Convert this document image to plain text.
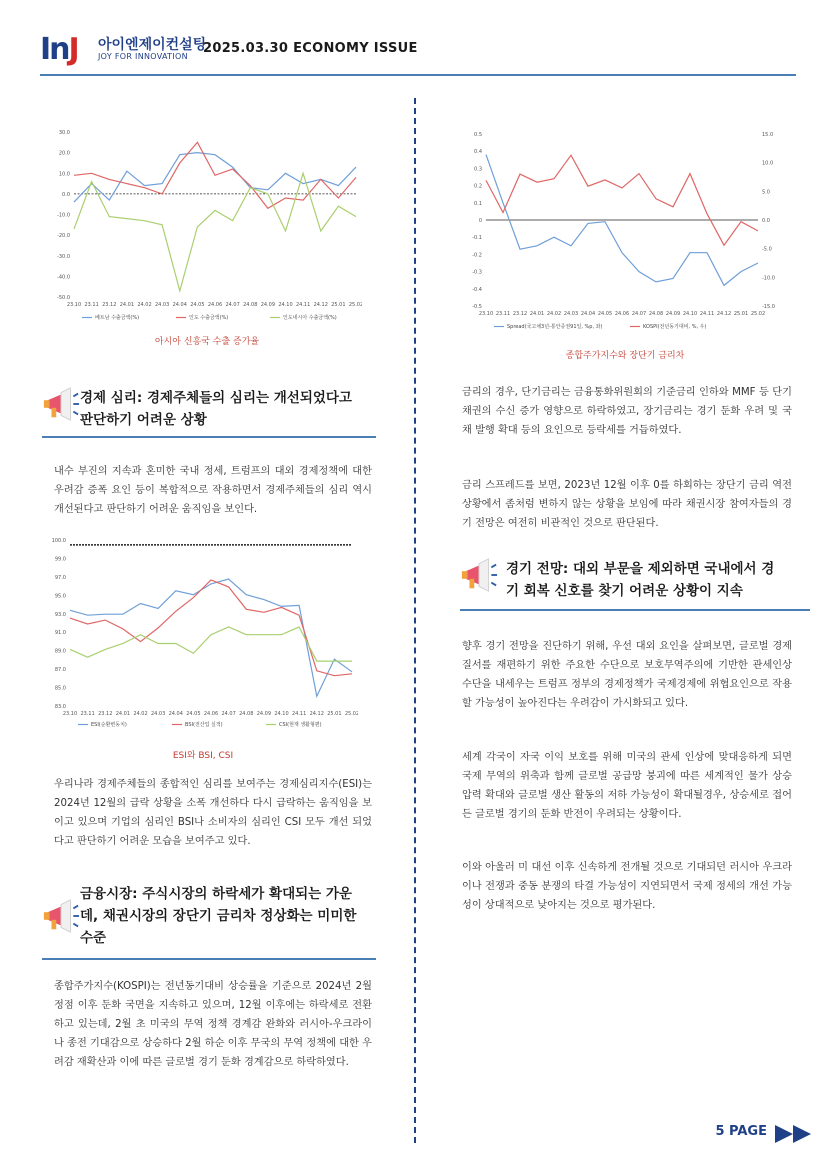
InJ 아이엔제이컨설팅
JOY FOR INNOVATION
2025.03.30 ECONOMY ISSUE
30.0
20.0
10.0
0.0
-10.0
-20.0
-30.0
-40.0
-50.0
23.10 23.11 23.12 24.01 24.02 24.03 24.04 24.05 24.06 24.07 24.08 24.09 24.10 24.11 24.12 25.01 25.02
베트남 수출금액(%)	인도 수출금액(%)	인도네시아 수출금액(%)
아시아 신흥국 수출 증가율
경제 심리: 경제주체들의 심리는 개선되었다고
판단하기 어려운 상황
내수 부진의 지속과 혼미한 국내 정세, 트럼프의 대외 경제정책에 대한 우려감 증폭 요인 등이 복합적으로 작용하면서 경제주체들의 심리 역시 개선된다고 판단하기 어려운 움직임을 보인다.
100.0
99.0
97.0
95.0
93.0
91.0
89.0
87.0
85.0
83.0
23.10 23.11 23.12 24.01 24.02 24.03 24.04 24.05 24.06 24.07 24.08 24.09 24.10 24.11 24.12 25.01 25.02
ESI(순환변동치)	BSI(전산업 실적)	CSI(현재 생활형편)
ESI와 BSI, CSI
우리나라 경제주체들의 종합적인 심리를 보여주는 경제심리지수(ESI)는 2024년 12월의 급락 상황을 소폭 개선하다 다시 급락하는 움직임을 보이고 있으며 기업의 심리인 BSI나 소비자의 심리인 CSI 모두 개선 되었다고 판단하기 어려운 모습을 보여주고 있다.
금융시장: 주식시장의 하락세가 확대되는 가운
데, 채권시장의 장단기 금리차 정상화는 미미한
수준
종합주가지수(KOSPI)는 전년동기대비 상승률을 기준으로 2024년 2월 정점 이후 둔화 국면을 지속하고 있으며, 12월 이후에는 하락세로 전환하고 있는데, 2월 초 미국의 무역 정책 경계감 완화와 러시아-우크라이나 종전 기대감으로 상승하다 2월 하순 이후 무국의 무역 정책에 대한 우려감 재확산과 이에 따른 글로벌 경기 둔화 경계감으로 하락하였다.
0.5
0.4
0.3
0.2
0.1
0
-0.1
-0.2
-0.3
-0.4
-0.5
15.0
10.0
5.0
0.0
-5.0
-10.0
-15.0
23.10 23.11 23.12 24.01 24.02 24.03 24.04 24.05 24.06 24.07 24.08 24.09 24.10 24.11 24.12 25.01 25.02
Spread(국고채3년-통안증권91일, %p, 좌)	KOSPI(전년동기대비, %, 우)
종합주가지수와 장단기 금리차
금리의 경우, 단기금리는 금융통화위원회의 기준금리 인하와 MMF 등 단기채권의 수신 증가 영향으로 하락하였고, 장기금리는 경기 둔화 우려 및 국채 발행 확대 등의 요인으로 등락세를 거듭하였다.
금리 스프레드를 보면, 2023년 12월 이후 0를 하회하는 장단기 금리 역전 상황에서 좀처럼 변하지 않는 상황을 보임에 따라 채권시장 참여자들의 경기 전망은 여전히 비관적인 것으로 판단된다.
경기 전망: 대외 부문을 제외하면 국내에서 경
기 회복 신호를 찾기 어려운 상황이 지속
향후 경기 전망을 진단하기 위해, 우선 대외 요인을 살펴보면, 글로벌 경제질서를 재편하기 위한 주요한 수단으로 보호무역주의에 기반한 관세인상 수단을 내세우는 트럼프 정부의 경제정책가 국제경제에 위협요인으로 작용할 가능성이 높아진다는 우려감이 가시화되고 있다.
세계 각국이 자국 이익 보호를 위해 미국의 관세 인상에 맞대응하게 되면 국제 무역의 위축과 함께 글로벌 공급망 붕괴에 따른 세계적인 물가 상승 압력 확대와 글로벌 생산 활동의 저하 가능성이 확대될경우, 상승세로 접어든 글로벌 경기의 둔화 반전이 우려되는 상황이다.
이와 아울러 미 대선 이후 신속하게 전개될 것으로 기대되던 러시아 우크라이나 전쟁과 중동 분쟁의 타결 가능성이 지연되면서 국제 정세의 개선 가능성이 상대적으로 낮아지는 것으로 평가된다.
5 PAGE
